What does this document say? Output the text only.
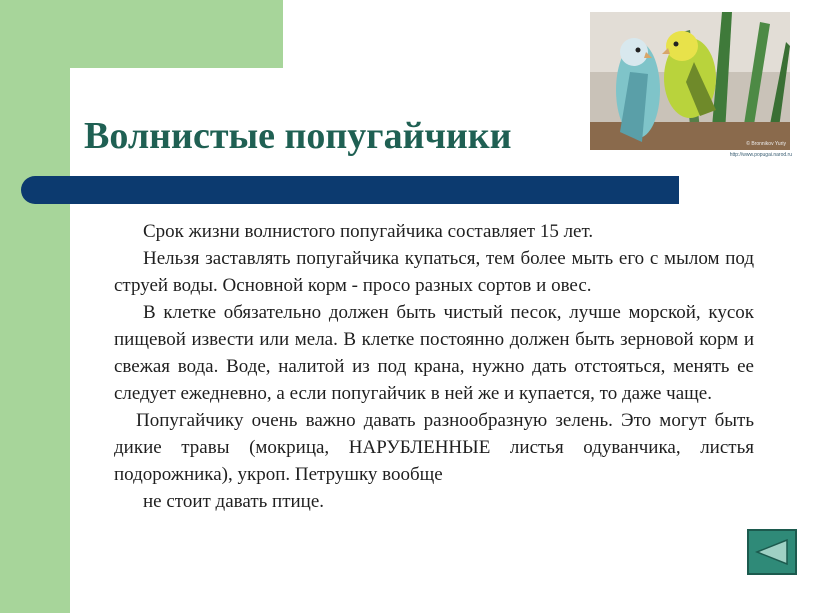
Волнистые попугайчики	© Bronnikov Yuriy
http://www.popugai.narod.ru

Срок жизни волнистого попугайчика составляет 15 лет.

Нельзя заставлять попугайчика купаться, тем более мыть его с мылом под струей воды. Основной корм - просо разных сортов и овес.

В клетке обязательно должен быть чистый песок, лучше морской, кусок пищевой извести или мела. В клетке постоянно должен быть зерновой корм и свежая вода. Воде, налитой из под крана, нужно дать отстояться, менять ее следует ежедневно, а если попугайчик в ней же и купается, то даже чаще.

Попугайчику очень важно давать разнообразную зелень. Это могут быть дикие травы (мокрица, НАРУБЛЕННЫЕ листья одуванчика, листья подорожника), укроп. Петрушку вообще

не стоит давать птице.
